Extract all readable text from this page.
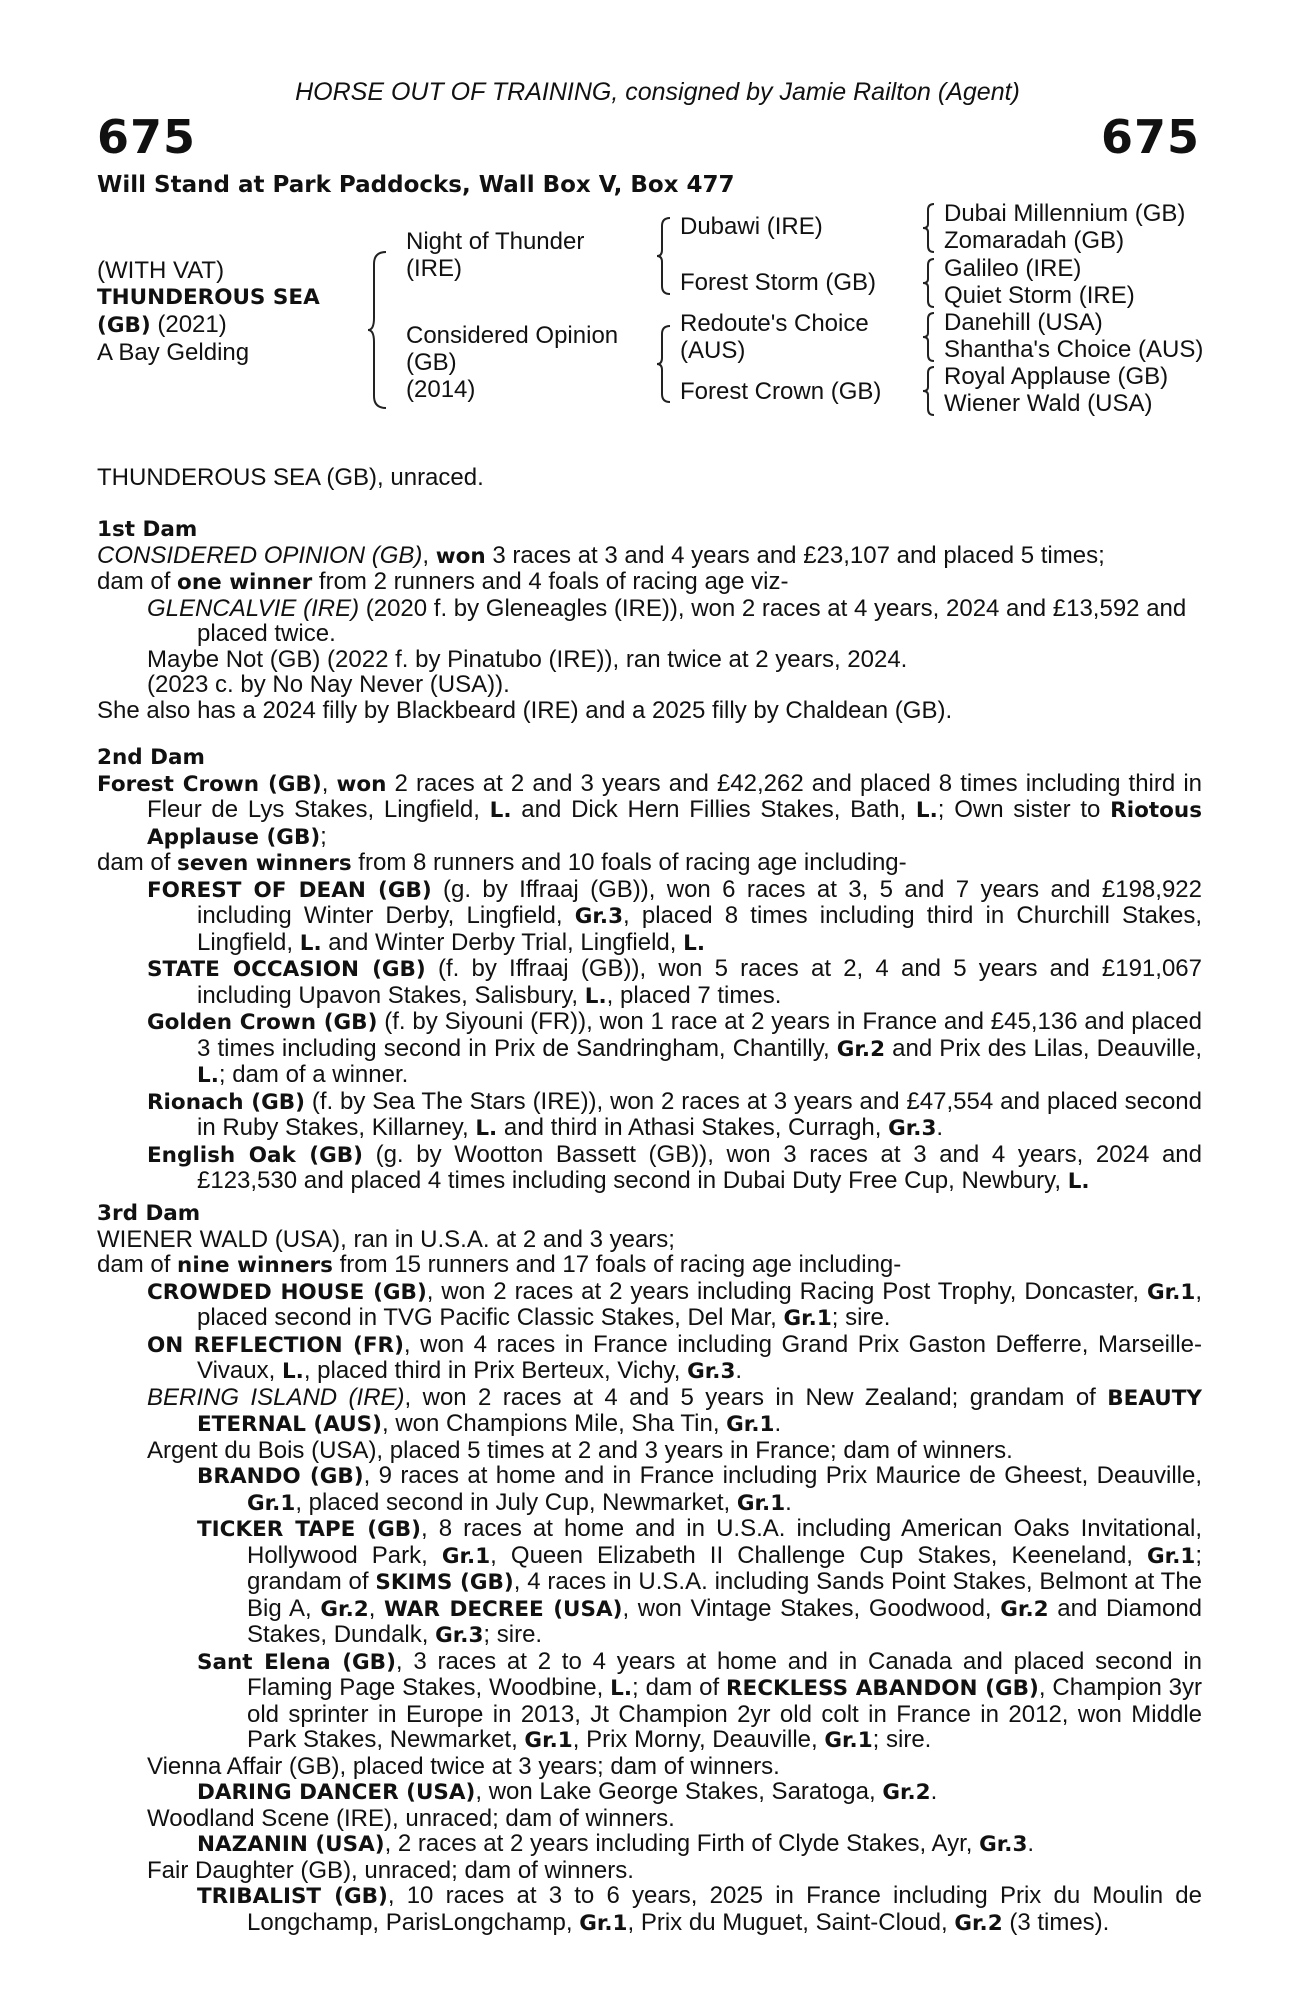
HORSE OUT OF TRAINING, consigned by Jamie Railton (Agent)
675	675
Will Stand at Park Paddocks, Wall Box V, Box 477
(WITH VAT)
THUNDEROUS SEA
(GB) (2021)
A Bay Gelding
Night of Thunder
(IRE)
Considered Opinion
(GB)
(2014)
Dubawi (IRE)
Forest Storm (GB)
Redoute's Choice
(AUS)
Forest Crown (GB)
Dubai Millennium (GB)
Zomaradah (GB)
Galileo (IRE)
Quiet Storm (IRE)
Danehill (USA)
Shantha's Choice (AUS)
Royal Applause (GB)
Wiener Wald (USA)
THUNDEROUS SEA (GB), unraced.
1st Dam
CONSIDERED OPINION (GB), won 3 races at 3 and 4 years and £23,107 and placed 5 times;
dam of one winner from 2 runners and 4 foals of racing age viz-
GLENCALVIE (IRE) (2020 f. by Gleneagles (IRE)), won 2 races at 4 years, 2024 and £13,592 and placed twice.
Maybe Not (GB) (2022 f. by Pinatubo (IRE)), ran twice at 2 years, 2024.
(2023 c. by No Nay Never (USA)).
She also has a 2024 filly by Blackbeard (IRE) and a 2025 filly by Chaldean (GB).
2nd Dam
Forest Crown (GB), won 2 races at 2 and 3 years and £42,262 and placed 8 times including third in Fleur de Lys Stakes, Lingfield, L. and Dick Hern Fillies Stakes, Bath, L.; Own sister to Riotous Applause (GB);
dam of seven winners from 8 runners and 10 foals of racing age including-
FOREST OF DEAN (GB) (g. by Iffraaj (GB)), won 6 races at 3, 5 and 7 years and £198,922 including Winter Derby, Lingfield, Gr.3, placed 8 times including third in Churchill Stakes, Lingfield, L. and Winter Derby Trial, Lingfield, L.
STATE OCCASION (GB) (f. by Iffraaj (GB)), won 5 races at 2, 4 and 5 years and £191,067 including Upavon Stakes, Salisbury, L., placed 7 times.
Golden Crown (GB) (f. by Siyouni (FR)), won 1 race at 2 years in France and £45,136 and placed 3 times including second in Prix de Sandringham, Chantilly, Gr.2 and Prix des Lilas, Deauville, L.; dam of a winner.
Rionach (GB) (f. by Sea The Stars (IRE)), won 2 races at 3 years and £47,554 and placed second in Ruby Stakes, Killarney, L. and third in Athasi Stakes, Curragh, Gr.3.
English Oak (GB) (g. by Wootton Bassett (GB)), won 3 races at 3 and 4 years, 2024 and £123,530 and placed 4 times including second in Dubai Duty Free Cup, Newbury, L.
3rd Dam
WIENER WALD (USA), ran in U.S.A. at 2 and 3 years;
dam of nine winners from 15 runners and 17 foals of racing age including-
CROWDED HOUSE (GB), won 2 races at 2 years including Racing Post Trophy, Doncaster, Gr.1, placed second in TVG Pacific Classic Stakes, Del Mar, Gr.1; sire.
ON REFLECTION (FR), won 4 races in France including Grand Prix Gaston Defferre, Marseille-Vivaux, L., placed third in Prix Berteux, Vichy, Gr.3.
BERING ISLAND (IRE), won 2 races at 4 and 5 years in New Zealand; grandam of BEAUTY ETERNAL (AUS), won Champions Mile, Sha Tin, Gr.1.
Argent du Bois (USA), placed 5 times at 2 and 3 years in France; dam of winners.
BRANDO (GB), 9 races at home and in France including Prix Maurice de Gheest, Deauville, Gr.1, placed second in July Cup, Newmarket, Gr.1.
TICKER TAPE (GB), 8 races at home and in U.S.A. including American Oaks Invitational, Hollywood Park, Gr.1, Queen Elizabeth II Challenge Cup Stakes, Keeneland, Gr.1; grandam of SKIMS (GB), 4 races in U.S.A. including Sands Point Stakes, Belmont at The Big A, Gr.2, WAR DECREE (USA), won Vintage Stakes, Goodwood, Gr.2 and Diamond Stakes, Dundalk, Gr.3; sire.
Sant Elena (GB), 3 races at 2 to 4 years at home and in Canada and placed second in Flaming Page Stakes, Woodbine, L.; dam of RECKLESS ABANDON (GB), Champion 3yr old sprinter in Europe in 2013, Jt Champion 2yr old colt in France in 2012, won Middle Park Stakes, Newmarket, Gr.1, Prix Morny, Deauville, Gr.1; sire.
Vienna Affair (GB), placed twice at 3 years; dam of winners.
DARING DANCER (USA), won Lake George Stakes, Saratoga, Gr.2.
Woodland Scene (IRE), unraced; dam of winners.
NAZANIN (USA), 2 races at 2 years including Firth of Clyde Stakes, Ayr, Gr.3.
Fair Daughter (GB), unraced; dam of winners.
TRIBALIST (GB), 10 races at 3 to 6 years, 2025 in France including Prix du Moulin de Longchamp, ParisLongchamp, Gr.1, Prix du Muguet, Saint-Cloud, Gr.2 (3 times).
